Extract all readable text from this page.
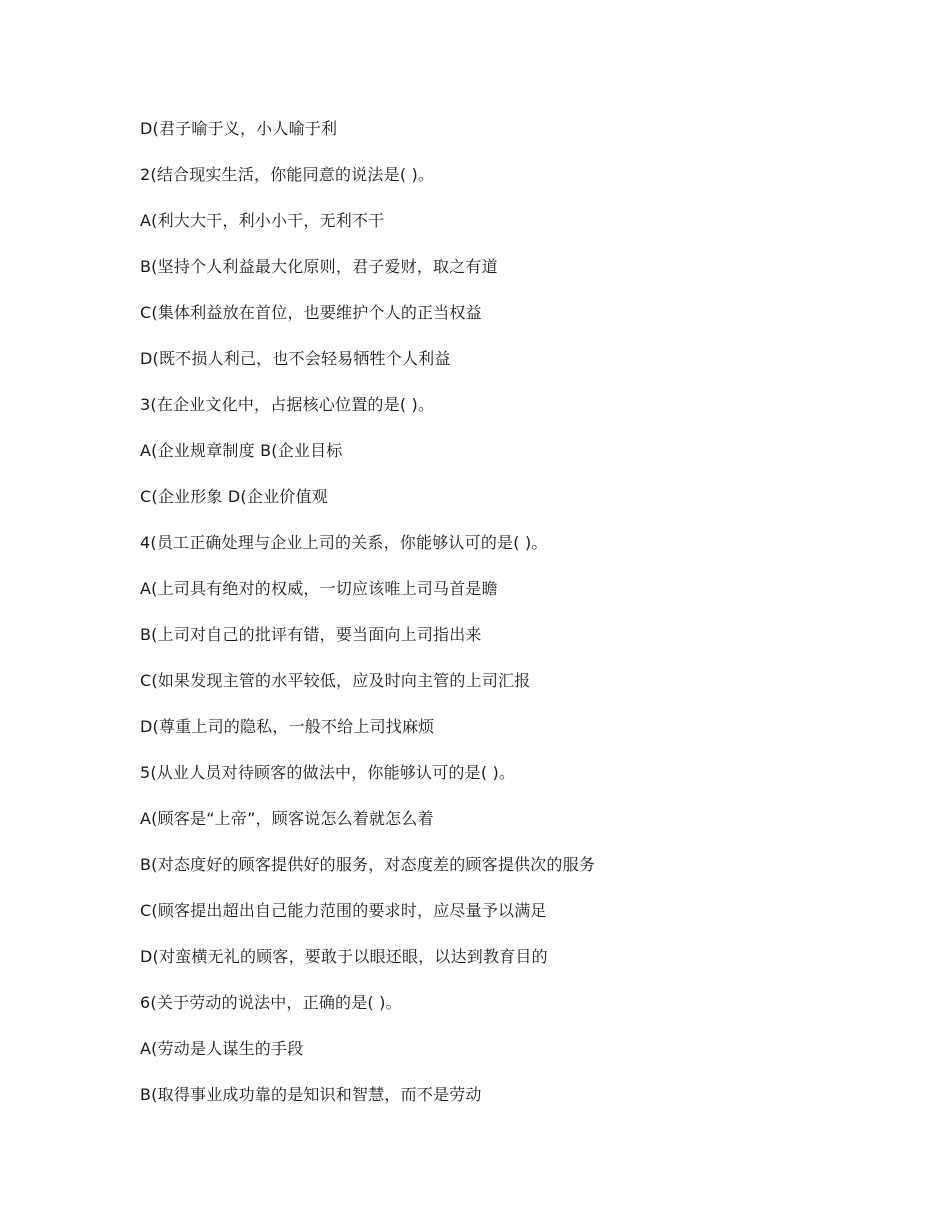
D(君子喻于义，小人喻于利
2(结合现实生活，你能同意的说法是( )。
A(利大大干，利小小干，无利不干
B(坚持个人利益最大化原则，君子爱财，取之有道
C(集体利益放在首位，也要维护个人的正当权益
D(既不损人利己，也不会轻易牺牲个人利益
3(在企业文化中，占据核心位置的是( )。
A(企业规章制度 B(企业目标
C(企业形象 D(企业价值观
4(员工正确处理与企业上司的关系，你能够认可的是( )。
A(上司具有绝对的权威，一切应该唯上司马首是瞻
B(上司对自己的批评有错，要当面向上司指出来
C(如果发现主管的水平较低，应及时向主管的上司汇报
D(尊重上司的隐私，一般不给上司找麻烦
5(从业人员对待顾客的做法中，你能够认可的是( )。
A(顾客是“上帝”，顾客说怎么着就怎么着
B(对态度好的顾客提供好的服务，对态度差的顾客提供次的服务
C(顾客提出超出自己能力范围的要求时，应尽量予以满足
D(对蛮横无礼的顾客，要敢于以眼还眼，以达到教育目的
6(关于劳动的说法中，正确的是( )。
A(劳动是人谋生的手段
B(取得事业成功靠的是知识和智慧，而不是劳动
